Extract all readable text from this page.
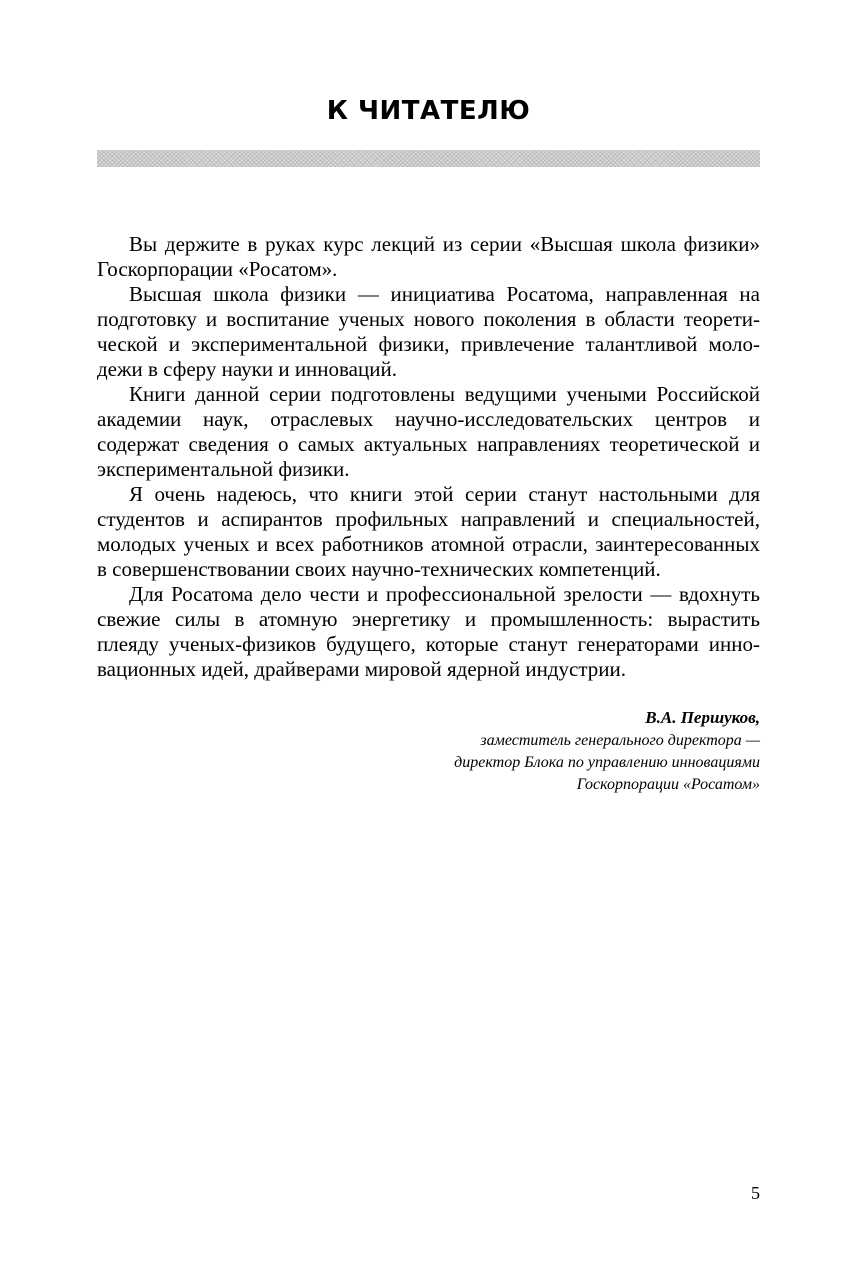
К ЧИТАТЕЛЮ

Вы держите в руках курс лекций из серии «Высшая школа физики» Госкорпорации «Росатом».

Высшая школа физики — инициатива Росатома, направленная на подготовку и воспитание ученых нового поколения в области теоретической и экспериментальной физики, привлечение талантливой молодежи в сферу науки и инноваций.

Книги данной серии подготовлены ведущими учеными Российской академии наук, отраслевых научно-исследовательских центров и содержат сведения о самых актуальных направлениях теоретической и экспериментальной физики.

Я очень надеюсь, что книги этой серии станут настольными для студентов и аспирантов профильных направлений и специальностей, молодых ученых и всех работников атомной отрасли, заинтересованных в совершенствовании своих научно-технических компетенций.

Для Росатома дело чести и профессиональной зрелости — вдохнуть свежие силы в атомную энергетику и промышленность: вырастить плеяду ученых-физиков будущего, которые станут генераторами инновационных идей, драйверами мировой ядерной индустрии.

В.А. Першуков,
заместитель генерального директора —
директор Блока по управлению инновациями
Госкорпорации «Росатом»
5
